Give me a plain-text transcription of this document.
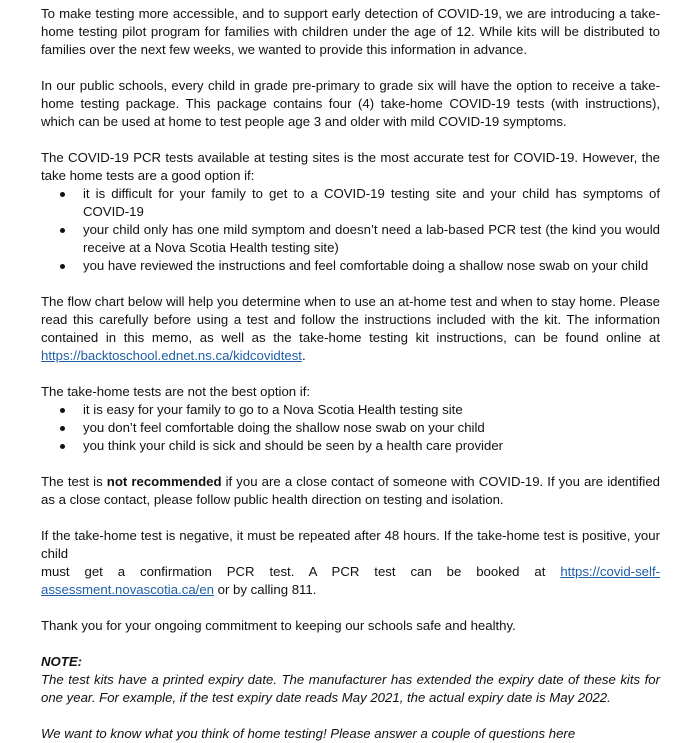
To make testing more accessible, and to support early detection of COVID-19, we are introducing a take-home testing pilot program for families with children under the age of 12. While kits will be distributed to families over the next few weeks, we wanted to provide this information in advance.

In our public schools, every child in grade pre-primary to grade six will have the option to receive a take-home testing package. This package contains four (4) take-home COVID-19 tests (with instructions), which can be used at home to test people age 3 and older with mild COVID-19 symptoms.

The COVID-19 PCR tests available at testing sites is the most accurate test for COVID-19. However, the take home tests are a good option if:

it is difficult for your family to get to a COVID-19 testing site and your child has symptoms of COVID-19
your child only has one mild symptom and doesn’t need a lab-based PCR test (the kind you would receive at a Nova Scotia Health testing site)
you have reviewed the instructions and feel comfortable doing a shallow nose swab on your child

The flow chart below will help you determine when to use an at-home test and when to stay home. Please read this carefully before using a test and follow the instructions included with the kit. The information contained in this memo, as well as the take-home testing kit instructions, can be found online at https://backtoschool.ednet.ns.ca/kidcovidtest.

The take-home tests are not the best option if:

it is easy for your family to go to a Nova Scotia Health testing site
you don’t feel comfortable doing the shallow nose swab on your child
you think your child is sick and should be seen by a health care provider

The test is not recommended if you are a close contact of someone with COVID-19. If you are identified as a close contact, please follow public health direction on testing and isolation.

If the take-home test is negative, it must be repeated after 48 hours. If the take-home test is positive, your child

must get a confirmation PCR test. A PCR test can be booked at https://covid-self-

assessment.novascotia.ca/en or by calling 811.

Thank you for your ongoing commitment to keeping our schools safe and healthy.

NOTE:

The test kits have a printed expiry date. The manufacturer has extended the expiry date of these kits for one year. For example, if the test expiry date reads May 2021, the actual expiry date is May 2022.

We want to know what you think of home testing! Please answer a couple of questions here
